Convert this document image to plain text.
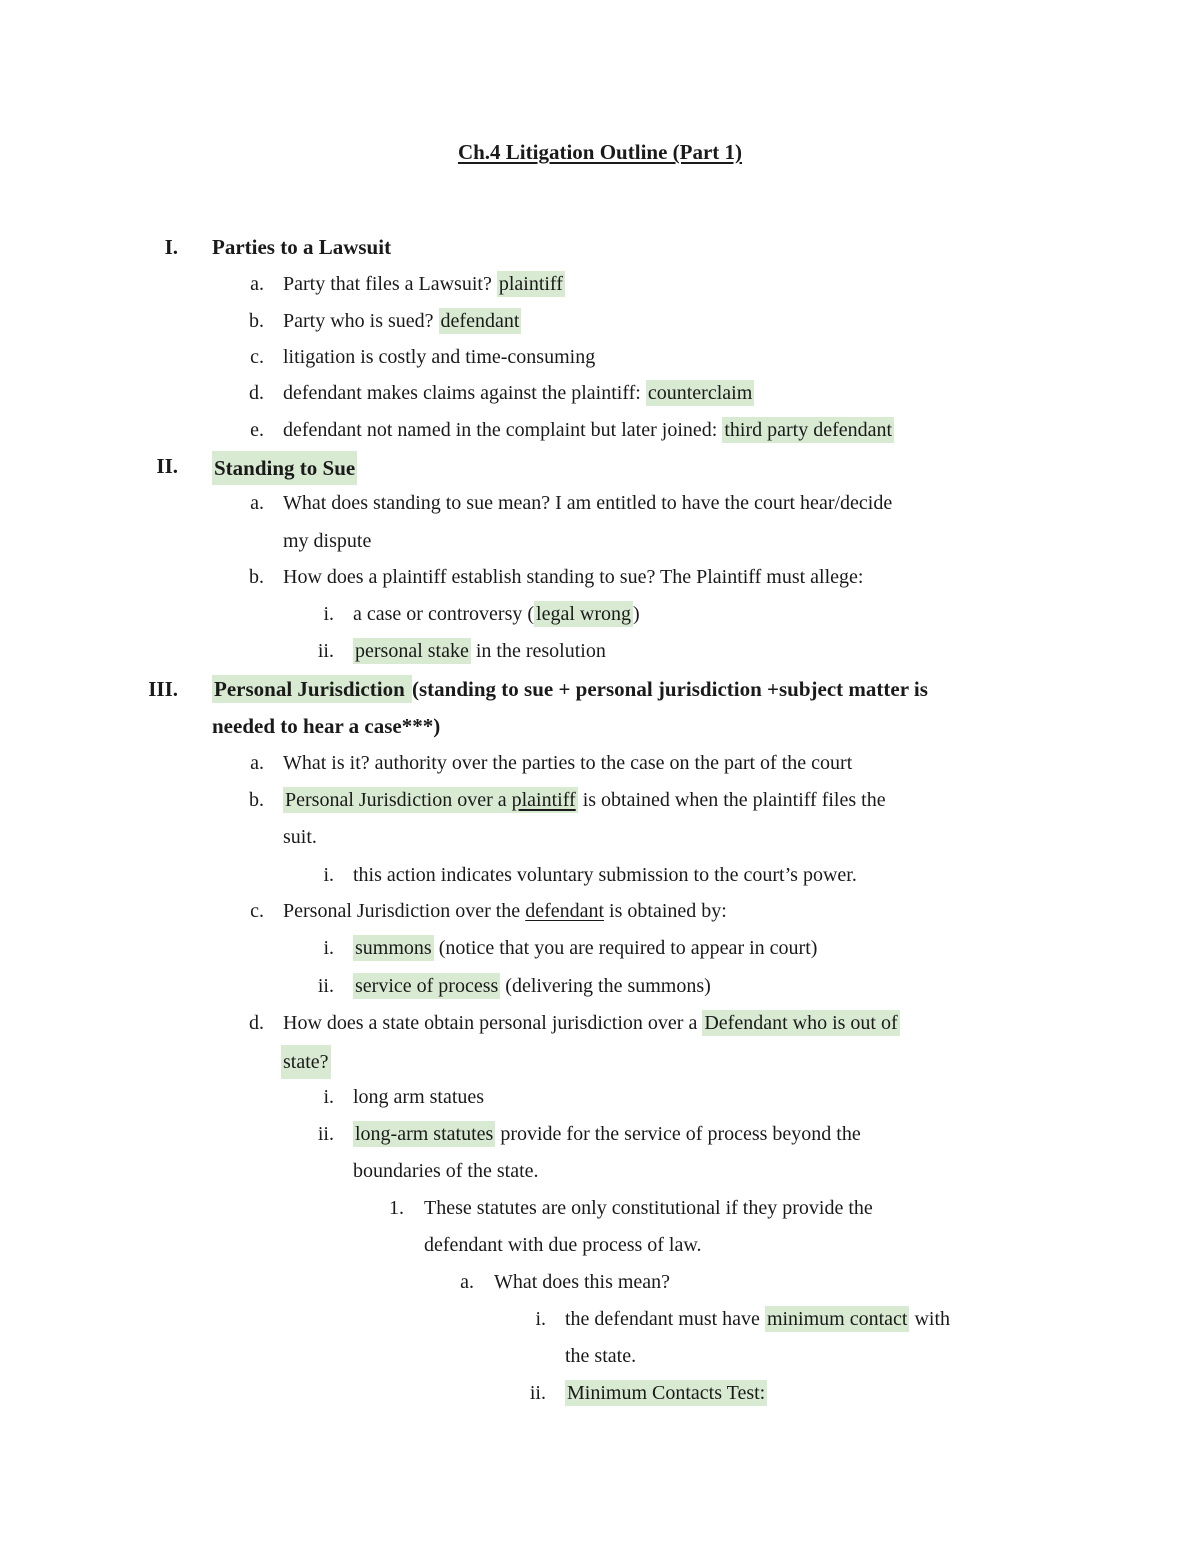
Ch.4 Litigation Outline (Part 1)
I. Parties to a Lawsuit
a. Party that files a Lawsuit? plaintiff
b. Party who is sued? defendant
c. litigation is costly and time-consuming
d. defendant makes claims against the plaintiff: counterclaim
e. defendant not named in the complaint but later joined: third party defendant
II. Standing to Sue
a. What does standing to sue mean? I am entitled to have the court hear/decide
my dispute
b. How does a plaintiff establish standing to sue? The Plaintiff must allege:
i. a case or controversy ( legal wrong )
ii. personal stake in the resolution
III. Personal Jurisdiction (standing to sue + personal jurisdiction +subject matter is
needed to hear a case***)
a. What is it? authority over the parties to the case on the part of the court
b. Personal Jurisdiction over a plaintiff is obtained when the plaintiff files the
suit.
i. this action indicates voluntary submission to the court’s power.
c. Personal Jurisdiction over the defendant is obtained by:
i. summons (notice that you are required to appear in court)
ii. service of process (delivering the summons)
d. How does a state obtain personal jurisdiction over a Defendant who is out of
state?
i. long arm statues
ii. long-arm statutes provide for the service of process beyond the
boundaries of the state.
1. These statutes are only constitutional if they provide the
defendant with due process of law.
a. What does this mean?
i. the defendant must have minimum contact with
the state.
ii. Minimum Contacts Test:
